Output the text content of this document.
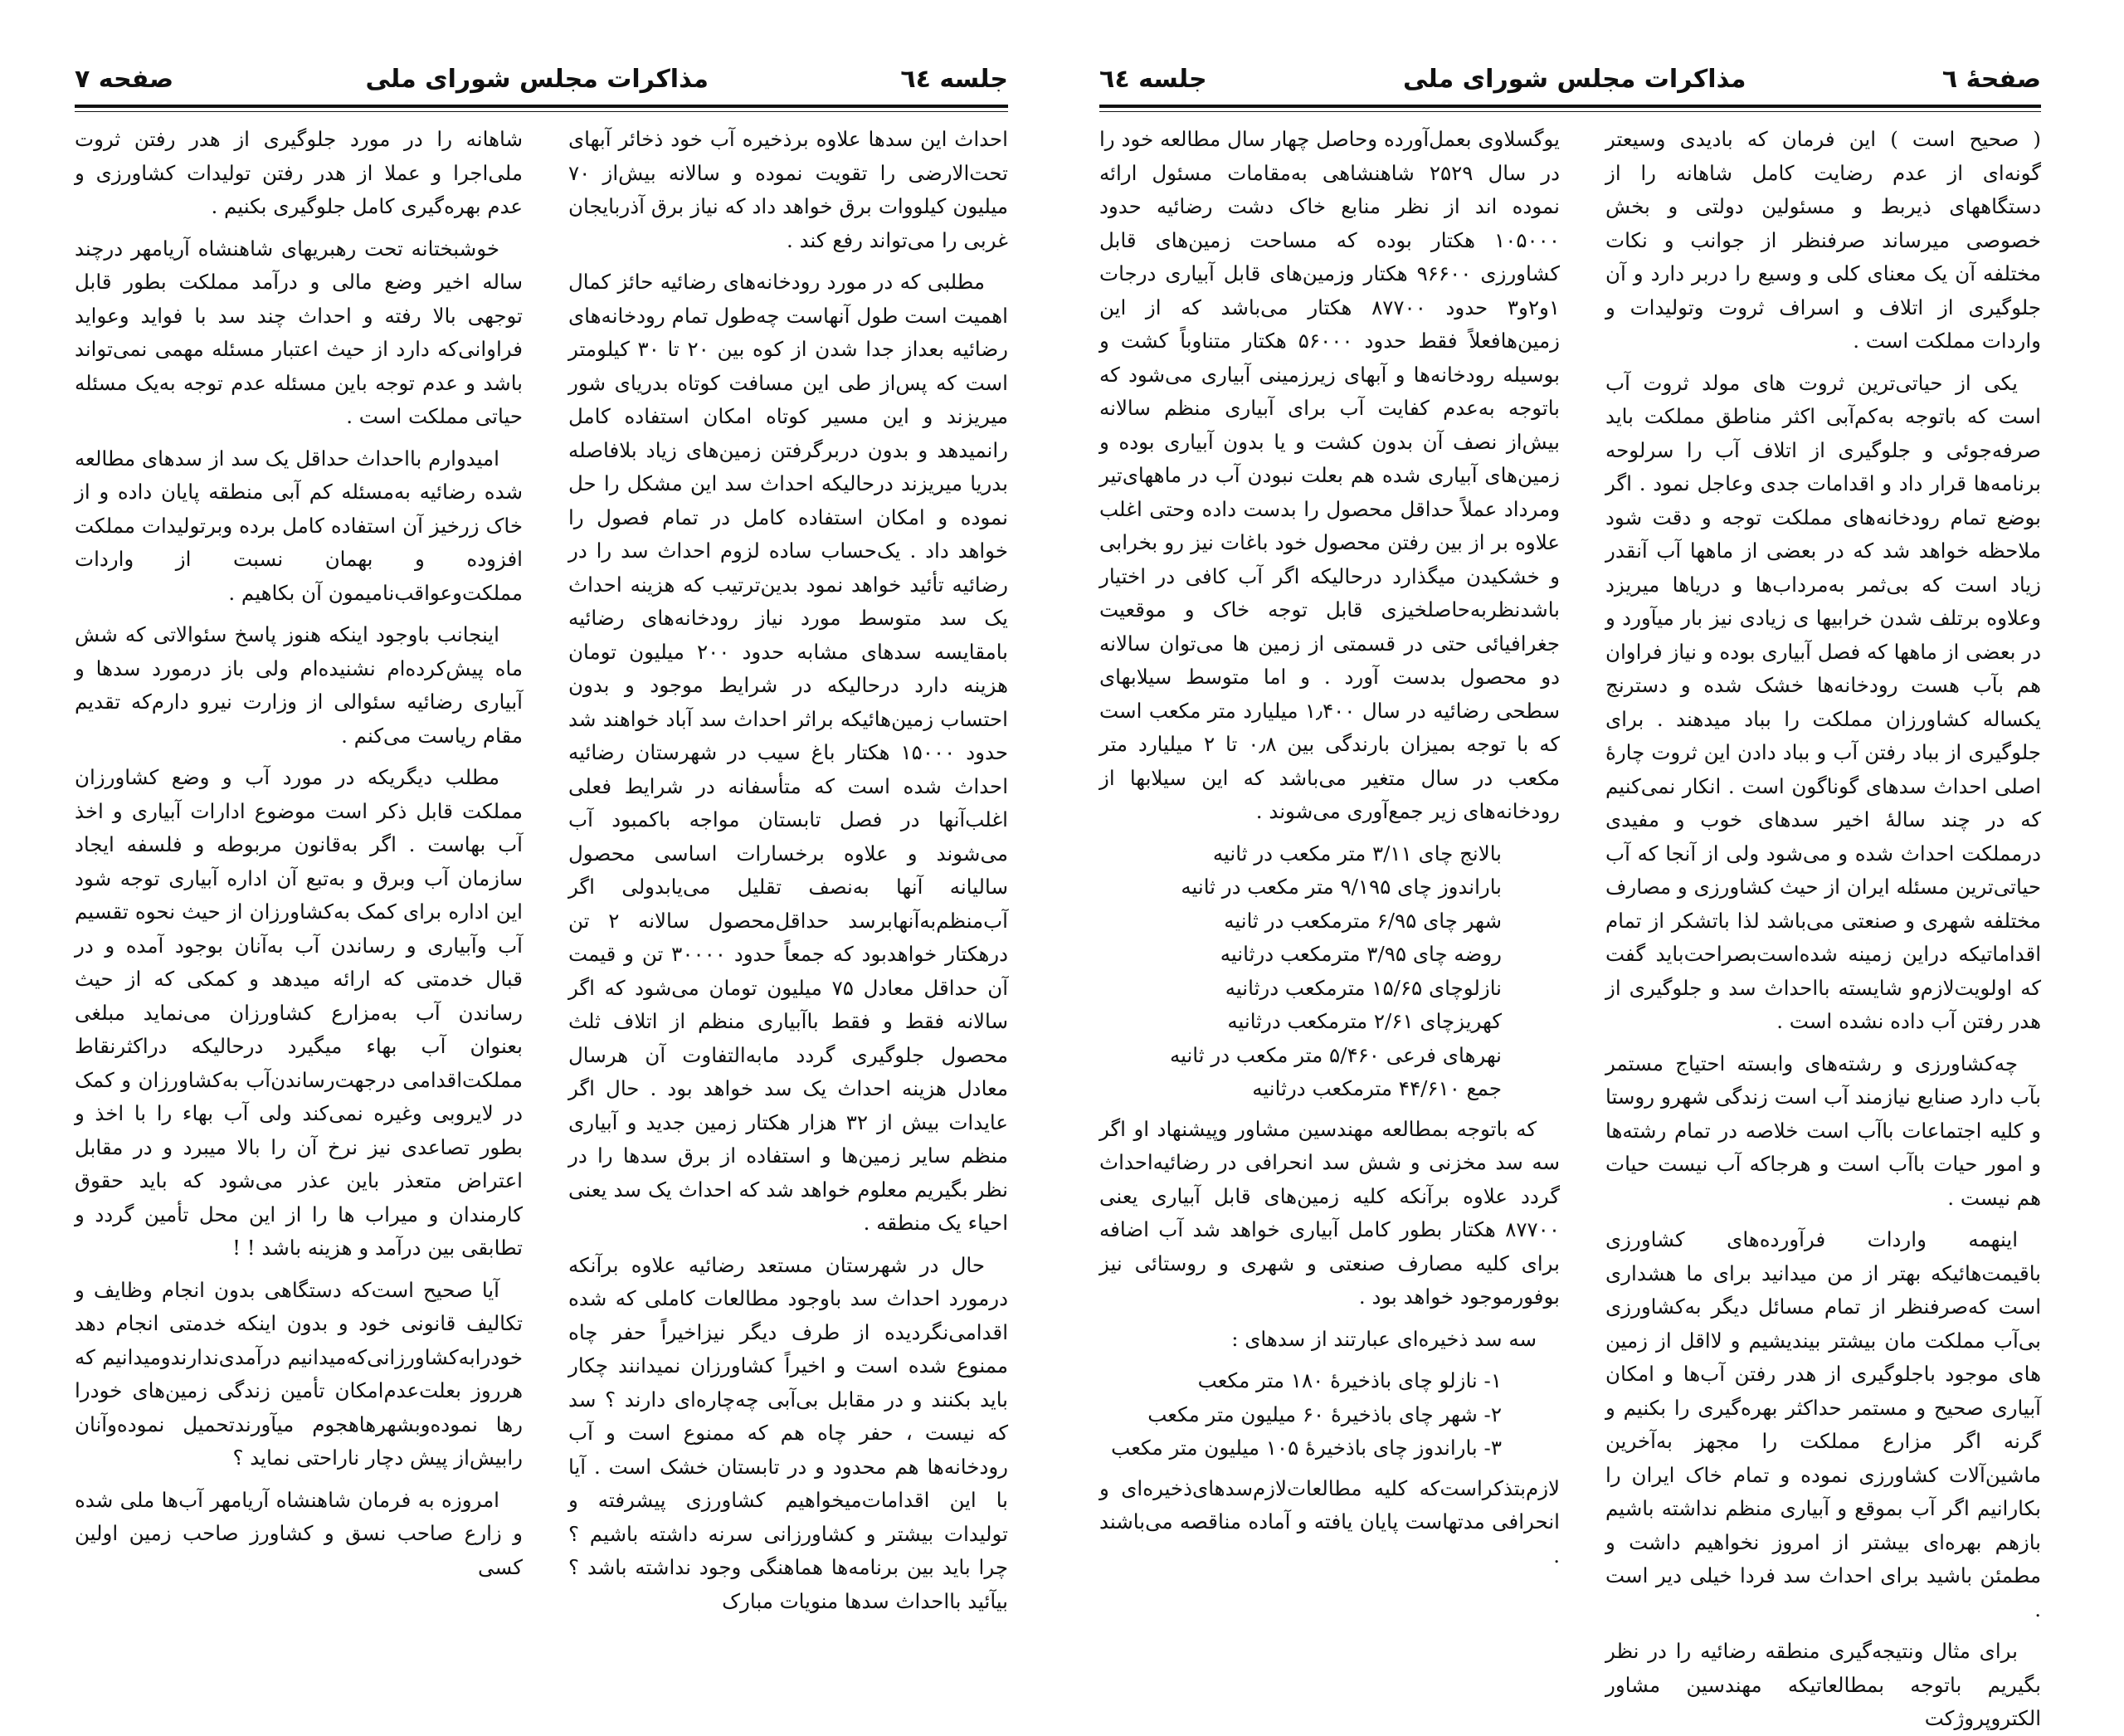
جلسه ٦٤
مذاکرات مجلس شورای ملی
صفحه ٧

احداث این سدها علاوه برذخیره آب خود ذخائر آبهای تحت‌الارضی را تقویت نموده و سالانه بیش‌از ۷۰ میلیون کیلووات برق خواهد داد که نیاز برق آذربایجان غربی را می‌تواند رفع کند .

مطلبی که در مورد رودخانه‌های رضائیه حائز کمال اهمیت است طول آنهاست چه‌طول تمام رودخانه‌های رضائیه بعداز جدا شدن از کوه بین ۲۰ تا ۳۰ کیلومتر است که پس‌از طی این مسافت کوتاه بدریای شور میریزند و این مسیر کوتاه امکان استفاده کامل رانمیدهد و بدون دربرگرفتن زمین‌های زیاد بلافاصله بدریا میریزند درحالیکه احداث سد این مشکل را حل نموده و امکان استفاده کامل در تمام فصول را خواهد داد . یک‌حساب ساده لزوم احداث سد را در رضائیه تأئید خواهد نمود بدین‌ترتیب که هزینه احداث یک سد متوسط مورد نیاز رودخانه‌های رضائیه بامقایسه سدهای مشابه حدود ۲۰۰ میلیون تومان هزینه دارد درحالیکه در شرایط موجود و بدون احتساب زمین‌هائیکه براثر احداث سد آباد خواهند شد حدود ۱۵۰۰۰ هکتار باغ سیب در شهرستان رضائیه احداث شده است که متأسفانه در شرایط فعلی اغلب‌آنها در فصل تابستان مواجه باکمبود آب می‌شوند و علاوه برخسارات اساسی محصول سالیانه آنها به‌نصف تقلیل می‌یابدولی اگر آب‌منظم‌به‌آنهابرسد حداقل‌محصول سالانه ۲ تن درهکتار خواهدبود که جمعاً حدود ۳۰۰۰۰ تن و قیمت آن حداقل معادل ۷۵ میلیون تومان می‌شود که اگر سالانه فقط و فقط باآبیاری منظم از اتلاف ثلث محصول جلوگیری گردد مابه‌التفاوت آن هرسال معادل هزینه احداث یک سد خواهد بود . حال اگر عایدات بیش از ۳۲ هزار هکتار زمین جدید و آبیاری منظم سایر زمین‌ها و استفاده از برق سدها را در نظر بگیریم معلوم خواهد شد که احداث یک سد یعنی احیاء یک منطقه .

حال در شهرستان مستعد رضائیه علاوه برآنکه درمورد احداث سد باوجود مطالعات کاملی که شده اقدامی‌نگردیده از طرف دیگر نیزاخیراً حفر چاه ممنوع شده است و اخیراً کشاورزان نمیدانند چکار باید بکنند و در مقابل بی‌آبی چه‌چاره‌ای دارند ؟ سد که نیست ، حفر چاه هم که ممنوع است و آب رودخانه‌ها هم محدود و در تابستان خشک است . آیا با این اقدامات‌میخواهیم کشاورزی پیشرفته و تولیدات بیشتر و کشاورزانی سرنه داشته باشیم ؟ چرا باید بین برنامه‌ها هماهنگی وجود نداشته باشد ؟ بیآئید بااحداث سدها منویات مبارک

شاهانه را در مورد جلوگیری از هدر رفتن ثروت ملی‌اجرا و عملا از هدر رفتن تولیدات کشاورزی و عدم بهره‌گیری کامل جلوگیری بکنیم .

خوشبختانه تحت رهبریهای شاهنشاه آریامهر درچند ساله اخیر وضع مالی و درآمد مملکت بطور قابل توجهی بالا رفته و احداث چند سد با فواید وعواید فراوانی‌که دارد از حیث اعتبار مسئله مهمی نمی‌تواند باشد و عدم توجه باین مسئله عدم توجه به‌یک مسئله حیاتی مملکت است .

امیدوارم بااحداث حداقل یک سد از سدهای مطالعه شده رضائیه به‌مسئله کم آبی منطقه پایان داده و از خاک زرخیز آن استفاده کامل برده وبرتولیدات مملکت افزوده و بهمان نسبت از واردات مملکت‌وعواقب‌نامیمون آن بکاهیم .

اینجانب باوجود اینکه هنوز پاسخ سئوالاتی که شش ماه پیش‌کرده‌ام نشنیده‌ام ولی باز درمورد سدها و آبیاری رضائیه سئوالی از وزارت نیرو دارم‌که تقدیم مقام ریاست می‌کنم .

مطلب دیگریکه در مورد آب و وضع کشاورزان مملکت قابل ذکر است موضوع ادارات آبیاری و اخذ آب بهاست . اگر به‌قانون مربوطه و فلسفه ایجاد سازمان آب وبرق و به‌تبع آن اداره آبیاری توجه شود این اداره برای کمک به‌کشاورزان از حیث نحوه تقسیم آب وآبیاری و رساندن آب به‌آنان بوجود آمده و در قبال خدمتی که ارائه میدهد و کمکی که از حیث رساندن آب به‌مزارع کشاورزان می‌نماید مبلغی بعنوان آب بهاء میگیرد درحالیکه دراکثرنقاط مملکت‌اقدامی درجهت‌رساندن‌آب به‌کشاورزان و کمک در لایروبی وغیره نمی‌کند ولی آب بهاء را با اخذ و بطور تصاعدی نیز نرخ آن را بالا میبرد و در مقابل اعتراض متعذر باین عذر می‌شود که باید حقوق کارمندان و میراب ها را از این محل تأمین گردد و تطابقی بین درآمد و هزینه باشد ! !

آیا صحیح است‌که دستگاهی بدون انجام وظایف و تکالیف قانونی خود و بدون اینکه خدمتی انجام دهد خودرابه‌کشاورزانی‌که‌میدانیم درآمدی‌ندارندومیدانیم که هرروز بعلت‌عدم‌امکان تأمین زندگی زمین‌های خودرا رها نموده‌وبشهرهاهجوم میآورندتحمیل نموده‌وآنان رابیش‌از پیش دچار ناراحتی نماید ؟

امروزه به فرمان شاهنشاه آریامهر آب‌ها ملی شده و زارع صاحب نسق و کشاورز صاحب زمین اولین کسی

صفحهٔ ٦
مذاکرات مجلس شورای ملی
جلسه ٦٤

( صحیح است ) این فرمان که بادیدی وسیعتر گونه‌ای از عدم رضایت کامل شاهانه را از دستگاههای ذیربط و مسئولین دولتی و بخش خصوصی میرساند صرفنظر از جوانب و نکات مختلفه آن یک معنای کلی و وسیع را دربر دارد و آن جلوگیری از اتلاف و اسراف ثروت وتولیدات و واردات مملکت است .

یکی از حیاتی‌ترین ثروت های مولد ثروت آب است که باتوجه به‌کم‌آبی اکثر مناطق مملکت باید صرفه‌جوئی و جلوگیری از اتلاف آب را سرلوحه برنامه‌ها قرار داد و اقدامات جدی وعاجل نمود . اگر بوضع تمام رودخانه‌های مملکت توجه و دقت شود ملاحظه خواهد شد که در بعضی از ماهها آب آنقدر زیاد است که بی‌ثمر به‌مرداب‌ها و دریاها میریزد وعلاوه برتلف شدن خرابیها ی زیادی نیز بار میآورد و در بعضی از ماهها که فصل آبیاری بوده و نیاز فراوان هم بآب هست رودخانه‌ها خشک شده و دسترنج یکساله کشاورزان مملکت را بباد میدهند . برای جلوگیری از بباد رفتن آب و بباد دادن این ثروت چارهٔ اصلی احداث سدهای گوناگون است . انکار نمی‌کنیم که در چند سالهٔ اخیر سدهای خوب و مفیدی درمملکت احداث شده و می‌شود ولی از آنجا که آب حیاتی‌ترین مسئله ایران از حیث کشاورزی و مصارف مختلفه شهری و صنعتی می‌باشد لذا باتشکر از تمام اقداماتیکه دراین زمینه شده‌است‌بصراحت‌باید گفت که اولویت‌لازم‌و شایسته بااحداث سد و جلوگیری از هدر رفتن آب داده نشده است .

چه‌کشاورزی و رشته‌های وابسته احتیاج مستمر بآب دارد صنایع نیازمند آب است زندگی شهرو روستا و کلیه اجتماعات باآب است خلاصه در تمام رشته‌ها و امور حیات باآب است و هرجاکه آب نیست حیات هم نیست .

اینهمه واردات فرآورده‌های کشاورزی باقیمت‌هائیکه بهتر از من میدانید برای ما هشداری است که‌صرفنظر از تمام مسائل دیگر به‌کشاورزی بی‌آب مملکت مان بیشتر بیندیشیم و لااقل از زمین های موجود باجلوگیری از هدر رفتن آب‌ها و امکان آبیاری صحیح و مستمر حداکثر بهره‌گیری را بکنیم و گرنه اگر مزارع مملکت را مجهز به‌آخرین ماشین‌آلات کشاورزی نموده و تمام خاک ایران را بکارانیم اگر آب بموقع و آبیاری منظم نداشته باشیم بازهم بهره‌ای بیشتر از امروز نخواهیم داشت و مطمئن باشید برای احداث سد فردا خیلی دیر است .

برای مثال ونتیجه‌گیری منطقه رضائیه را در نظر بگیریم باتوجه بمطالعاتیکه مهندسین مشاور الکتروپروژکت

یوگسلاوی بعمل‌آورده وحاصل چهار سال مطالعه خود را در سال ۲۵۲۹ شاهنشاهی به‌مقامات مسئول ارائه نموده اند از نظر منابع خاک دشت رضائیه حدود ۱۰۵۰۰۰ هکتار بوده که مساحت زمین‌های قابل کشاورزی ۹۶۶۰۰ هکتار وزمین‌های قابل آبیاری درجات ۱و۲و۳ حدود ۸۷۷۰۰ هکتار می‌باشد که از این زمین‌هافعلاً فقط حدود ۵۶۰۰۰ هکتار متناوباً کشت و بوسیله رودخانه‌ها و آبهای زیرزمینی آبیاری می‌شود که باتوجه به‌عدم کفایت آب برای آبیاری منظم سالانه بیش‌از نصف آن بدون کشت و یا بدون آبیاری بوده و زمین‌های آبیاری شده هم بعلت نبودن آب در ماههای‌تیر ومرداد عملاً حداقل محصول را بدست داده وحتی اغلب علاوه بر از بین رفتن محصول خود باغات نیز رو بخرابی و خشکیدن میگذارد درحالیکه اگر آب کافی در اختیار باشدنظربه‌حاصلخیزی قابل توجه خاک و موقعیت جغرافیائی حتی در قسمتی از زمین ها می‌توان سالانه دو محصول بدست آورد . و اما متوسط سیلابهای سطحی رضائیه در سال ۱٫۴۰۰ میلیارد متر مکعب است که با توجه بمیزان بارندگی بین ۰٫۸ تا ۲ میلیارد متر مکعب در سال متغیر می‌باشد که این سیلابها از رودخانه‌های زیر جمع‌آوری می‌شوند .

بالانج چای ۳/۱۱ متر مکعب در ثانیه
باراندوز چای ۹/۱۹۵ متر مکعب در ثانیه
شهر چای ۶/۹۵ مترمکعب در ثانیه
روضه چای ۳/۹۵ مترمکعب درثانیه
نازلوچای ۱۵/۶۵ مترمکعب درثانیه
کهریزچای ۲/۶۱ مترمکعب درثانیه
نهرهای فرعی ۵/۴۶۰ متر مکعب در ثانیه
جمع ۴۴/۶۱۰ مترمکعب درثانیه

که باتوجه بمطالعه مهندسین مشاور وپیشنهاد او اگر سه سد مخزنی و شش سد انحرافی در رضائیه‌احداث گردد علاوه برآنکه کلیه زمین‌های قابل آبیاری یعنی ۸۷۷۰۰ هکتار بطور کامل آبیاری خواهد شد آب اضافه برای کلیه مصارف صنعتی و شهری و روستائی نیز بوفورموجود خواهد بود .

سه سد ذخیره‌ای عبارتند از سدهای :

۱- نازلو چای باذخیرهٔ ۱۸۰ متر مکعب
۲- شهر چای باذخیرهٔ ۶۰ میلیون متر مکعب
۳- باراندوز چای باذخیرهٔ ۱۰۵ میلیون متر مکعب

لازم‌بتذکراست‌که کلیه مطالعات‌لازم‌سدهای‌ذخیره‌ای و انحرافی مدتهاست پایان یافته و آماده مناقصه می‌باشند .
